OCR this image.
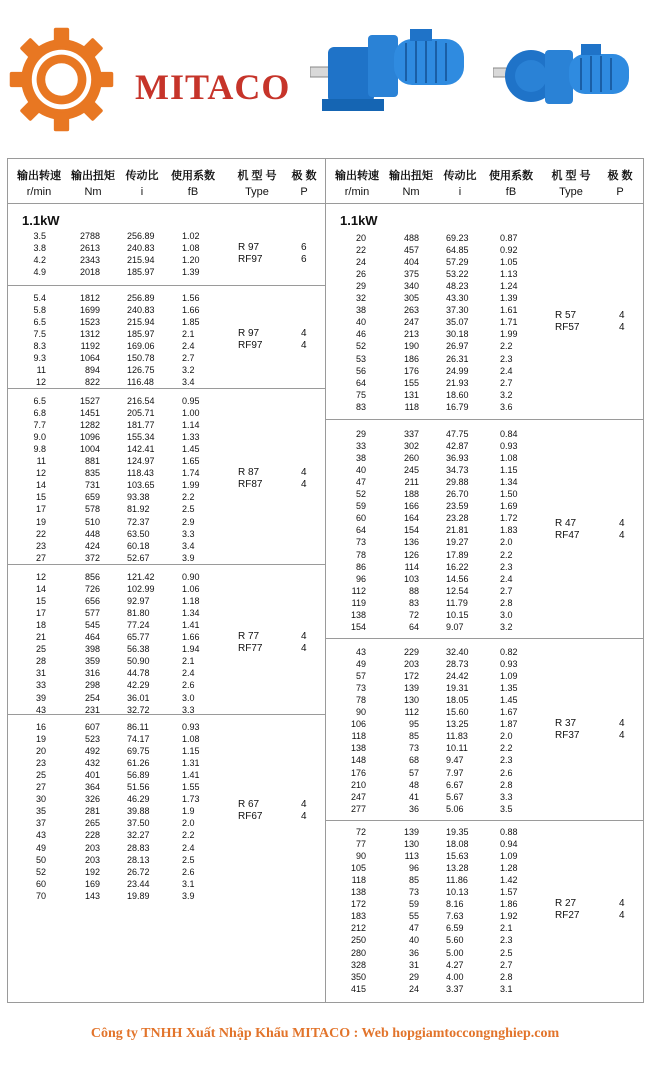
MITACO
输出转速 输出扭矩 传动比	使用系数	机 型 号	极 数
r/min	Nm	i	fB	Type	P
输出转速 输出扭矩 传动比	使用系数	机 型 号	极 数
r/min	Nm	i	fB	Type	P
1.1kW	1.1kW
3.5	2788	256.89	1.02
3.8	2613	240.83	1.08
4.2	2343	215.94	1.20
4.9	2018	185.97	1.39
R 97	6
RF97	6
5.4	1812	256.89	1.56
5.8	1699	240.83	1.66
6.5	1523	215.94	1.85
7.5	1312	185.97	2.1
8.3	1192	169.06	2.4
9.3	1064	150.78	2.7
11	894	126.75	3.2
12	822	116.48	3.4
R 97	4
RF97	4
6.5	1527	216.54	0.95
6.8	1451	205.71	1.00
7.7	1282	181.77	1.14
9.0	1096	155.34	1.33
9.8	1004	142.41	1.45
11	881	124.97	1.65
12	835	118.43	1.74
14	731	103.65	1.99
15	659	93.38	2.2
17	578	81.92	2.5
19	510	72.37	2.9
22	448	63.50	3.3
23	424	60.18	3.4
27	372	52.67	3.9
R 87	4
RF87	4
12	856	121.42	0.90
14	726	102.99	1.06
15	656	92.97	1.18
17	577	81.80	1.34
18	545	77.24	1.41
21	464	65.77	1.66
25	398	56.38	1.94
28	359	50.90	2.1
31	316	44.78	2.4
33	298	42.29	2.6
39	254	36.01	3.0
43	231	32.72	3.3
R 77	4
RF77	4
16	607	86.11	0.93
19	523	74.17	1.08
20	492	69.75	1.15
23	432	61.26	1.31
25	401	56.89	1.41
27	364	51.56	1.55
30	326	46.29	1.73
35	281	39.88	1.9
37	265	37.50	2.0
43	228	32.27	2.2
49	203	28.83	2.4
50	203	28.13	2.5
52	192	26.72	2.6
60	169	23.44	3.1
70	143	19.89	3.9
R 67	4
RF67	4
20	488	69.23	0.87
22	457	64.85	0.92
24	404	57.29	1.05
26	375	53.22	1.13
29	340	48.23	1.24
32	305	43.30	1.39
38	263	37.30	1.61
40	247	35.07	1.71
46	213	30.18	1.99
52	190	26.97	2.2
53	186	26.31	2.3
56	176	24.99	2.4
64	155	21.93	2.7
75	131	18.60	3.2
83	118	16.79	3.6
R 57	4
RF57	4
29	337	47.75	0.84
33	302	42.87	0.93
38	260	36.93	1.08
40	245	34.73	1.15
47	211	29.88	1.34
52	188	26.70	1.50
59	166	23.59	1.69
60	164	23.28	1.72
64	154	21.81	1.83
73	136	19.27	2.0
78	126	17.89	2.2
86	114	16.22	2.3
96	103	14.56	2.4
112	88	12.54	2.7
119	83	11.79	2.8
138	72	10.15	3.0
154	64	9.07	3.2
R 47	4
RF47	4
43	229	32.40	0.82
49	203	28.73	0.93
57	172	24.42	1.09
73	139	19.31	1.35
78	130	18.05	1.45
90	112	15.60	1.67
106	95	13.25	1.87
118	85	11.83	2.0
138	73	10.11	2.2
148	68	9.47	2.3
176	57	7.97	2.6
210	48	6.67	2.8
247	41	5.67	3.3
277	36	5.06	3.5
R 37	4
RF37	4
72	139	19.35	0.88
77	130	18.08	0.94
90	113	15.63	1.09
105	96	13.28	1.28
118	85	11.86	1.42
138	73	10.13	1.57
172	59	8.16	1.86
183	55	7.63	1.92
212	47	6.59	2.1
250	40	5.60	2.3
280	36	5.00	2.5
328	31	4.27	2.7
350	29	4.00	2.8
415	24	3.37	3.1
R 27	4
RF27	4
Công ty TNHH Xuất Nhập Khẩu MITACO : Web hopgiamtoccongnghiep.com
